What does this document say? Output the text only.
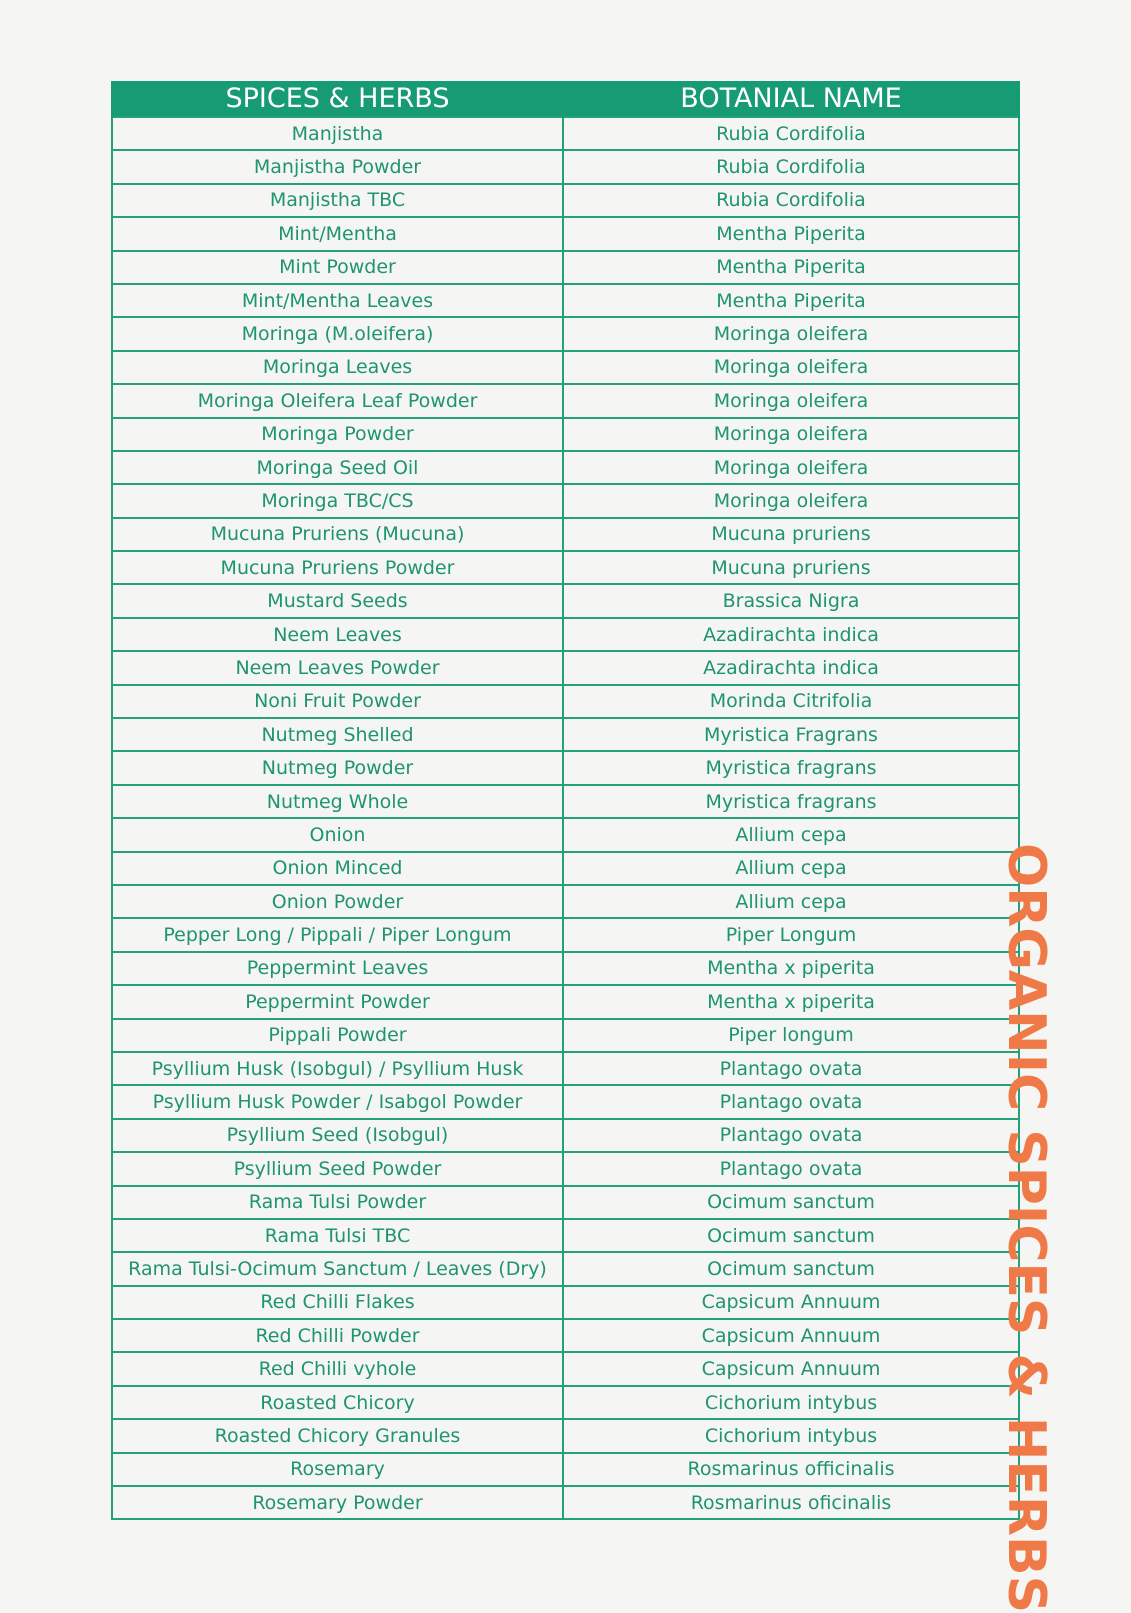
SPICES & HERBS	BOTANIAL NAME
Manjistha	Rubia Cordifolia
Manjistha Powder	Rubia Cordifolia
Manjistha TBC	Rubia Cordifolia
Mint/Mentha	Mentha Piperita
Mint Powder	Mentha Piperita
Mint/Mentha Leaves	Mentha Piperita
Moringa (M.oleifera)	Moringa oleifera
Moringa Leaves	Moringa oleifera
Moringa Oleifera Leaf Powder	Moringa oleifera
Moringa Powder	Moringa oleifera
Moringa Seed Oil	Moringa oleifera
Moringa TBC/CS	Moringa oleifera
Mucuna Pruriens (Mucuna)	Mucuna pruriens
Mucuna Pruriens Powder	Mucuna pruriens
Mustard Seeds	Brassica Nigra
Neem Leaves	Azadirachta indica
Neem Leaves Powder	Azadirachta indica
Noni Fruit Powder	Morinda Citrifolia
Nutmeg Shelled	Myristica Fragrans
Nutmeg Powder	Myristica fragrans
Nutmeg Whole	Myristica fragrans
Onion	Allium cepa
Onion Minced	Allium cepa
Onion Powder	Allium cepa
Pepper Long / Pippali / Piper Longum	Piper Longum
Peppermint Leaves	Mentha x piperita
Peppermint Powder	Mentha x piperita
Pippali Powder	Piper longum
Psyllium Husk (Isobgul) / Psyllium Husk	Plantago ovata
Psyllium Husk Powder / Isabgol Powder	Plantago ovata
Psyllium Seed (Isobgul)	Plantago ovata
Psyllium Seed Powder	Plantago ovata
Rama Tulsi Powder	Ocimum sanctum
Rama Tulsi TBC	Ocimum sanctum
Rama Tulsi-Ocimum Sanctum / Leaves (Dry)	Ocimum sanctum
Red Chilli Flakes	Capsicum Annuum
Red Chilli Powder	Capsicum Annuum
Red Chilli vyhole	Capsicum Annuum
Roasted Chicory	Cichorium intybus
Roasted Chicory Granules	Cichorium intybus
Rosemary	Rosmarinus officinalis
Rosemary Powder	Rosmarinus oficinalis ORGANIC SPICES & HERBS
